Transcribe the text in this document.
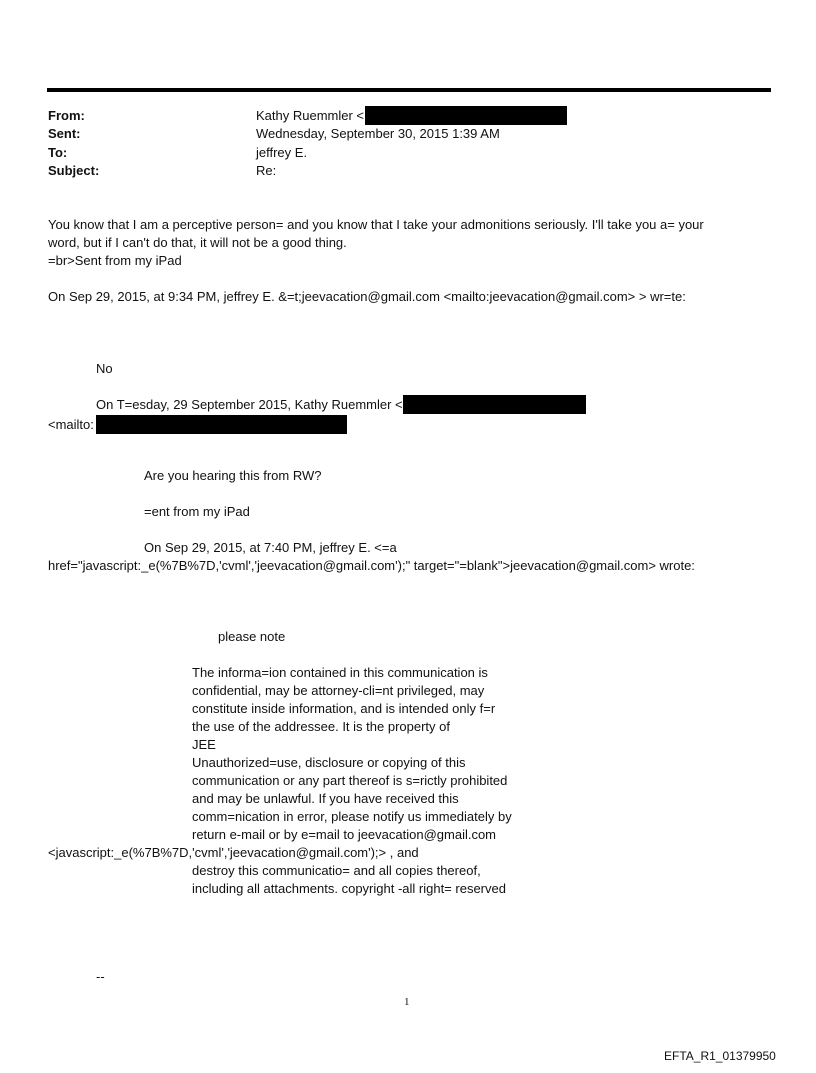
From:	Kathy Ruemmler <
Sent:	Wednesday, September 30, 2015 1:39 AM
To:	jeffrey E.
Subject:	Re:
You know that I am a perceptive person= and you know that I take your admonitions seriously. I'll take you a= your
word, but if I can't do that, it will not be a good thing.
=br>Sent from my iPad
On Sep 29, 2015, at 9:34 PM, jeffrey E. &=t;jeevacation@gmail.com <mailto:jeevacation@gmail.com> > wr=te:
No
On T=esday, 29 September 2015, Kathy Ruemmler <
<mailto:
Are you hearing this from RW?
=ent from my iPad
On Sep 29, 2015, at 7:40 PM, jeffrey E. <=a
href="javascript:_e(%7B%7D,'cvml','jeevacation@gmail.com');" target="=blank">jeevacation@gmail.com> wrote:
please note
The informa=ion contained in this communication is
confidential, may be attorney-cli=nt privileged, may
constitute inside information, and is intended only f=r
the use of the addressee. It is the property of
JEE
Unauthorized=use, disclosure or copying of this
communication or any part thereof is s=rictly prohibited
and may be unlawful. If you have received this
comm=nication in error, please notify us immediately by
return e-mail or by e=mail to jeevacation@gmail.com
<javascript:_e(%7B%7D,'cvml','jeevacation@gmail.com');> , and
destroy this communicatio= and all copies thereof,
including all attachments. copyright -all right= reserved
--
1
EFTA_R1_01379950
